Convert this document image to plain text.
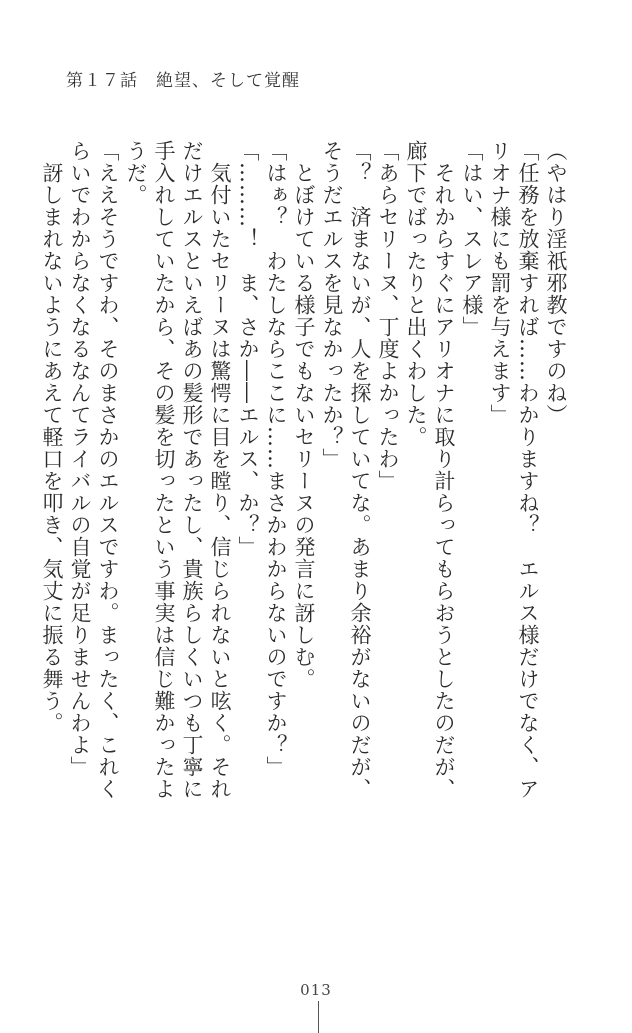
第１７話　絶望、そして覚醒

（やはり淫祇邪教ですのね）

「任務を放棄すれば……わかりますね？　エルス様だけでなく、アリオナ様にも罰を与えます」

「はい、スレア様」

　それからすぐにアリオナに取り計らってもらおうとしたのだが、廊下でばったりと出くわした。

「あらセリーヌ、丁度よかったわ」

「？　済まないが、人を探していてな。あまり余裕がないのだが、そうだエルスを見なかったか？」

　とぼけている様子でもないセリーヌの発言に訝しむ。

「はぁ？　わたしならここに……まさかわからないのですか？」

「………！　ま、さか――エルス、か？」

　気付いたセリーヌは驚愕に目を瞠り、信じられないと呟く。それだけエルスといえばあの髪形であったし、貴族らしくいつも丁寧に手入れしていたから、その髪を切ったという事実は信じ難かったようだ。

「ええそうですわ、そのまさかのエルスですわ。まったく、これくらいでわからなくなるなんてライバルの自覚が足りませんわよ」

　訝しまれないようにあえて軽口を叩き、気丈に振る舞う。

013
